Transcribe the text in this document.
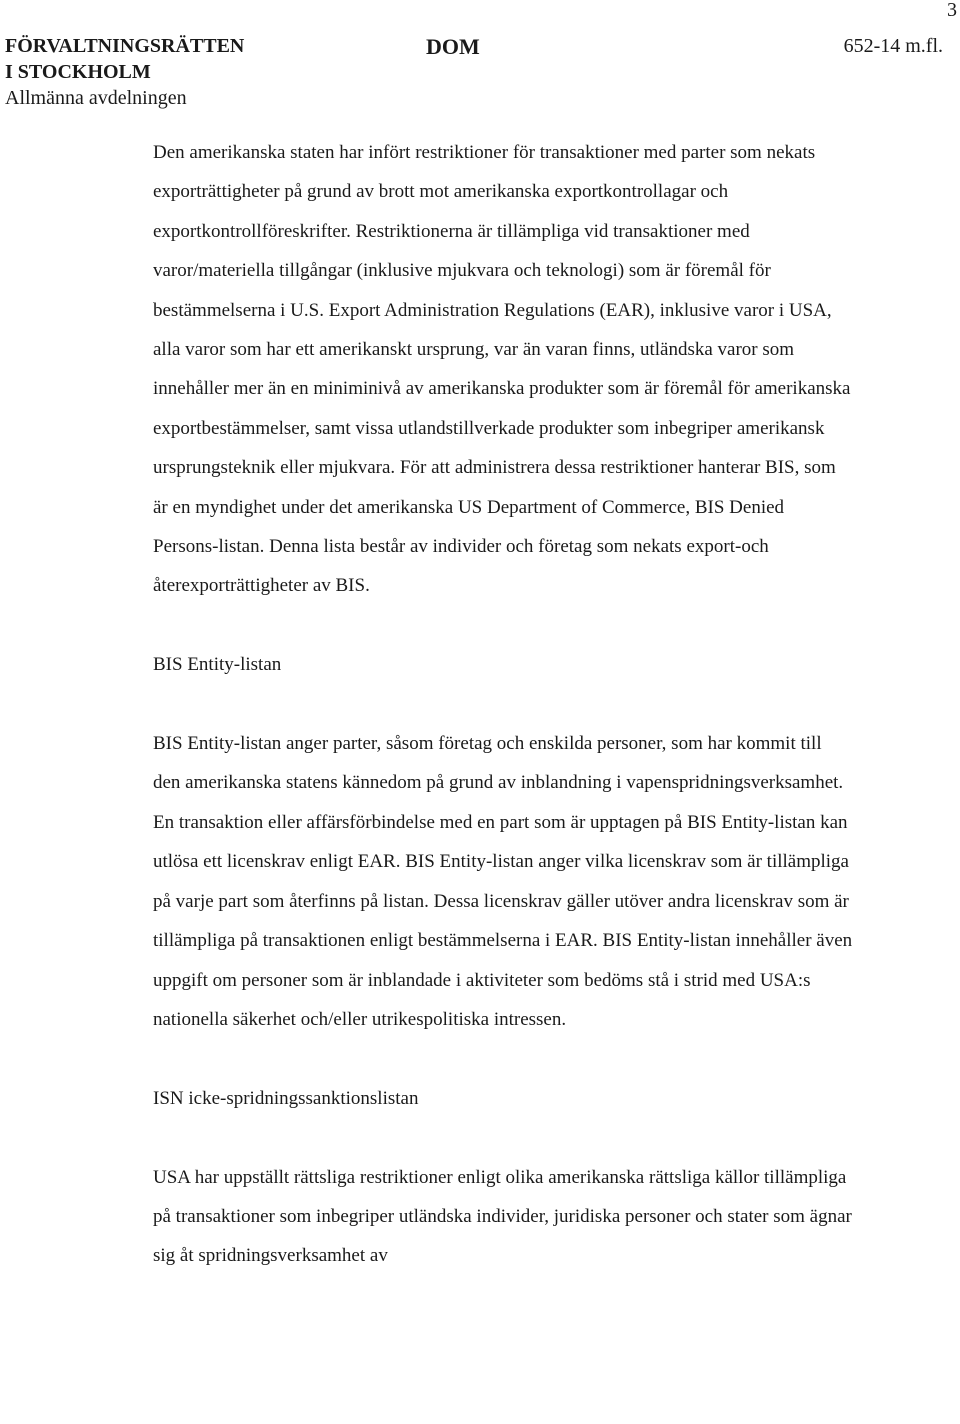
3
FÖRVALTNINGSRÄTTEN
I STOCKHOLM
Allmänna avdelningen
DOM	652-14 m.fl.

Den amerikanska staten har infört restriktioner för transaktioner med parter som nekats exporträttigheter på grund av brott mot amerikanska exportkontrollagar och exportkontrollföreskrifter. Restriktionerna är tillämpliga vid transaktioner med varor/materiella tillgångar (inklusive mjukvara och teknologi) som är föremål för bestämmelserna i U.S. Export Administration Regulations (EAR), inklusive varor i USA, alla varor som har ett amerikanskt ursprung, var än varan finns, utländska varor som innehåller mer än en miniminivå av amerikanska produkter som är föremål för amerikanska exportbestämmelser, samt vissa utlandstillverkade produkter som inbegriper amerikansk ursprungsteknik eller mjukvara. För att administrera dessa restriktioner hanterar BIS, som är en myndighet under det amerikanska US Department of Commerce, BIS Denied Persons-listan. Denna lista består av individer och företag som nekats export-och återexporträttigheter av BIS.

BIS Entity-listan

BIS Entity-listan anger parter, såsom företag och enskilda personer, som har kommit till den amerikanska statens kännedom på grund av inblandning i vapenspridningsverksamhet. En transaktion eller affärsförbindelse med en part som är upptagen på BIS Entity-listan kan utlösa ett licenskrav enligt EAR. BIS Entity-listan anger vilka licenskrav som är tillämpliga på varje part som återfinns på listan. Dessa licenskrav gäller utöver andra licenskrav som är tillämpliga på transaktionen enligt bestämmelserna i EAR. BIS Entity-listan innehåller även uppgift om personer som är inblandade i aktiviteter som bedöms stå i strid med USA:s nationella säkerhet och/eller utrikespolitiska intressen.

ISN icke-spridningssanktionslistan

USA har uppställt rättsliga restriktioner enligt olika amerikanska rättsliga källor tillämpliga på transaktioner som inbegriper utländska individer, juridiska personer och stater som ägnar sig åt spridningsverksamhet av
